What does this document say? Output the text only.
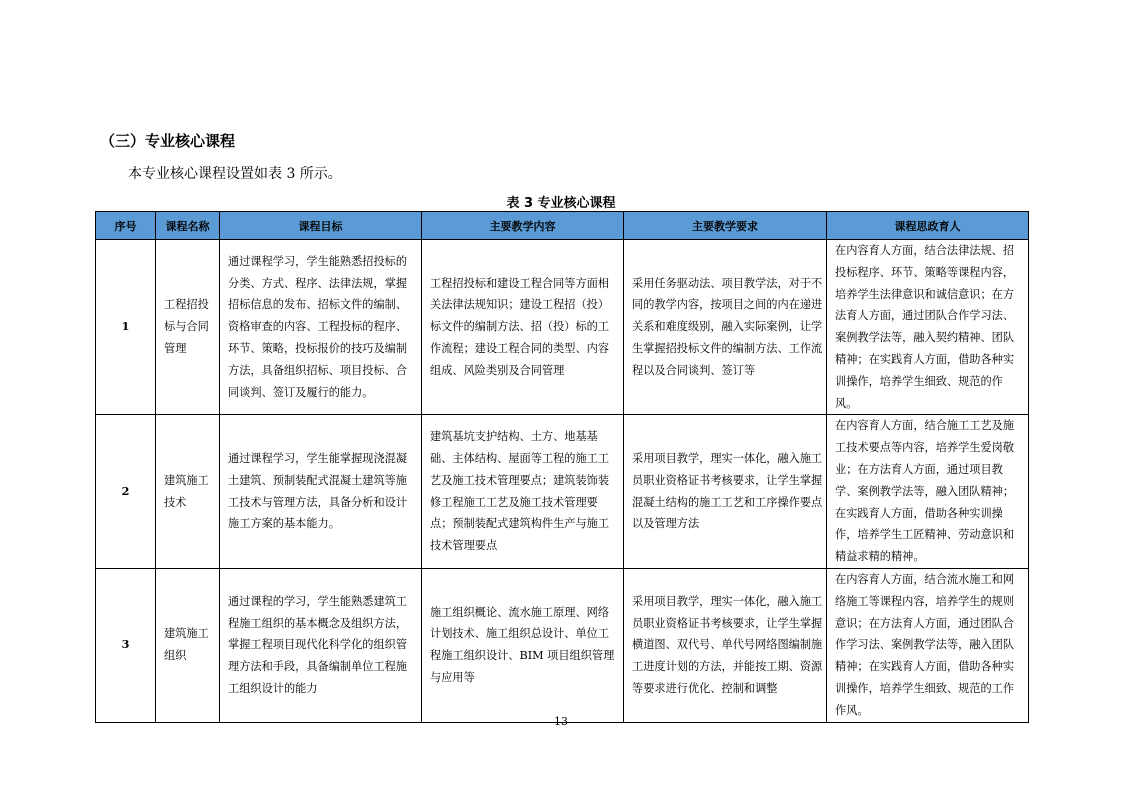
（三）专业核心课程
本专业核心课程设置如表 3 所示。
表 3 专业核心课程
序号	课程名称	课程目标	主要教学内容	主要教学要求	课程思政育人
1	工程招投标与合同管理	通过课程学习，学生能熟悉招投标的分类、方式、程序、法律法规，掌握招标信息的发布、招标文件的编制、资格审查的内容、工程投标的程序、环节、策略，投标报价的技巧及编制方法，具备组织招标、项目投标、合同谈判、签订及履行的能力。	工程招投标和建设工程合同等方面相关法律法规知识；建设工程招（投）标文件的编制方法、招（投）标的工作流程；建设工程合同的类型、内容组成、风险类别及合同管理	采用任务驱动法、项目教学法，对于不同的教学内容，按项目之间的内在递进关系和难度级别，融入实际案例，让学生掌握招投标文件的编制方法、工作流程以及合同谈判、签订等	在内容育人方面，结合法律法规、招投标程序、环节、策略等课程内容，培养学生法律意识和诚信意识；在方法育人方面，通过团队合作学习法、案例教学法等，融入契约精神、团队精神；在实践育人方面，借助各种实训操作，培养学生细致、规范的作风。
2	建筑施工技术	通过课程学习，学生能掌握现浇混凝土建筑、预制装配式混凝土建筑等施工技术与管理方法，具备分析和设计施工方案的基本能力。	建筑基坑支护结构、土方、地基基础、主体结构、屋面等工程的施工工艺及施工技术管理要点；建筑装饰装修工程施工工艺及施工技术管理要点；预制装配式建筑构件生产与施工技术管理要点	采用项目教学，理实一体化，融入施工员职业资格证书考核要求，让学生掌握混凝土结构的施工工艺和工序操作要点以及管理方法	在内容育人方面，结合施工工艺及施工技术要点等内容，培养学生爱岗敬业；在方法育人方面，通过项目教学、案例教学法等，融入团队精神；在实践育人方面，借助各种实训操作，培养学生工匠精神、劳动意识和精益求精的精神。
3	建筑施工组织	通过课程的学习，学生能熟悉建筑工程施工组织的基本概念及组织方法，掌握工程项目现代化科学化的组织管理方法和手段，具备编制单位工程施工组织设计的能力	施工组织概论、流水施工原理、网络计划技术、施工组织总设计、单位工程施工组织设计、BIM 项目组织管理与应用等	采用项目教学，理实一体化，融入施工员职业资格证书考核要求，让学生掌握横道图、双代号、单代号网络图编制施工进度计划的方法，并能按工期、资源等要求进行优化、控制和调整	在内容育人方面，结合流水施工和网络施工等课程内容，培养学生的规则意识；在方法育人方面，通过团队合作学习法、案例教学法等，融入团队精神；在实践育人方面，借助各种实训操作，培养学生细致、规范的工作作风。
13
